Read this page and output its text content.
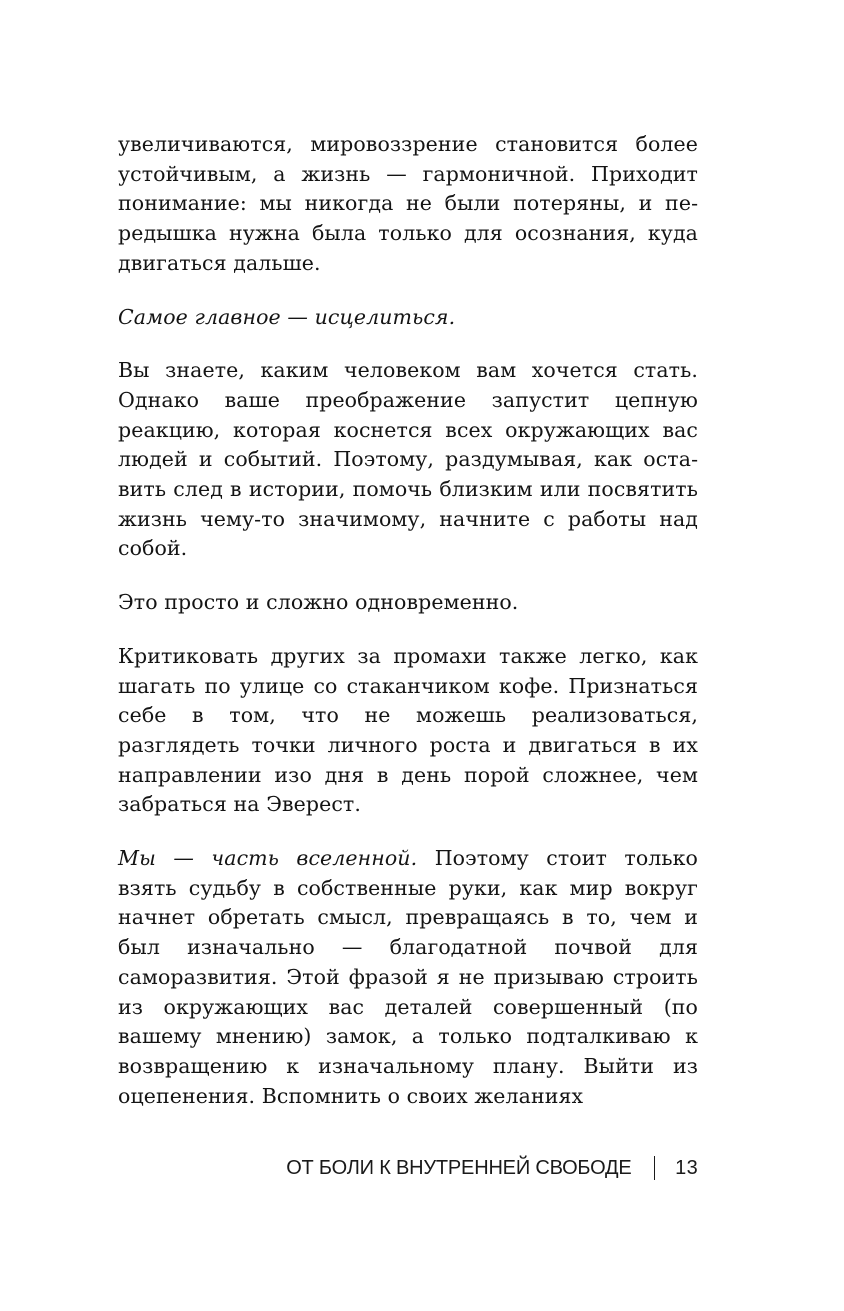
увеличиваются, мировоззрение становится более устойчивым, а жизнь — гармоничной. Приходит понимание: мы никогда не были потеряны, и передышка нужна была только для осознания, куда двигаться дальше.

Самое главное — исцелиться.

Вы знаете, каким человеком вам хочется стать. Однако ваше преображение запустит цепную реакцию, которая коснется всех окружающих вас людей и событий. Поэтому, раздумывая, как оставить след в истории, помочь близким или посвятить жизнь чему-то значимому, начните с работы над собой.

Это просто и сложно одновременно.

Критиковать других за промахи также легко, как шагать по улице со стаканчиком кофе. Признаться себе в том, что не можешь реализоваться, разглядеть точки личного роста и двигаться в их направлении изо дня в день порой сложнее, чем забраться на Эверест.

Мы — часть вселенной. Поэтому стоит только взять судьбу в собственные руки, как мир вокруг начнет обретать смысл, превращаясь в то, чем и был изначально — благодатной почвой для саморазвития. Этой фразой я не призываю строить из окружающих вас деталей совершенный (по вашему мнению) замок, а только подталкиваю к возвращению к изначальному плану. Выйти из оцепенения. Вспомнить о своих желаниях

ОТ БОЛИ К ВНУТРЕННЕЙ СВОБОДЕ 13
